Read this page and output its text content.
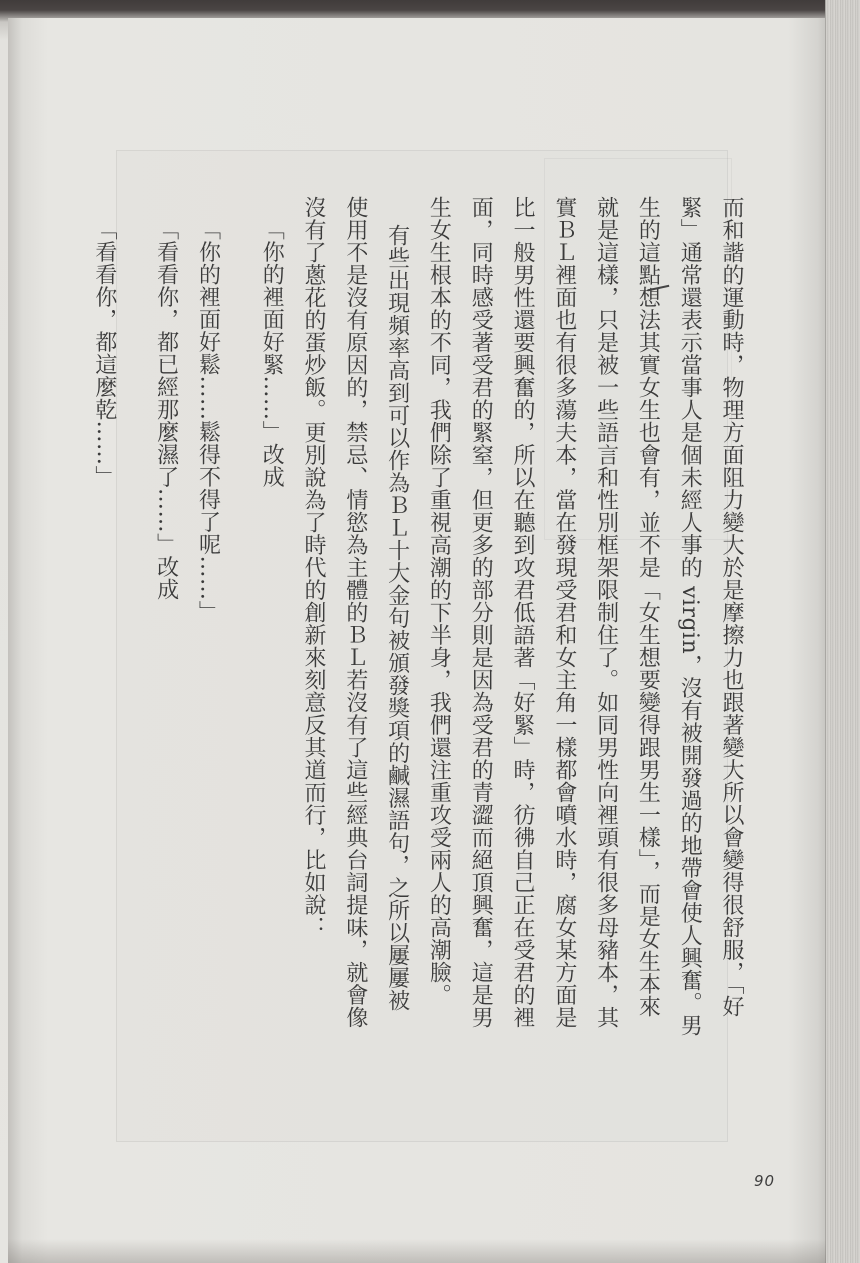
而和諧的運動時，物理方面阻力變大於是摩擦力也跟著變大所以會變得很舒服，「好

緊」通常還表示當事人是個未經人事的 virgin，沒有被開發過的地帶會使人興奮。男

生的這點想法其實女生也會有，並不是「女生想要變得跟男生一樣」，而是女生本來

就是這樣，只是被一些語言和性別框架限制住了。如同男性向裡頭有很多母豬本，其

實ＢＬ裡面也有很多蕩夫本，當在發現受君和女主角一樣都會噴水時，腐女某方面是

比一般男性還要興奮的，所以在聽到攻君低語著「好緊」時，彷彿自己正在受君的裡

面，同時感受著受君的緊窒，但更多的部分則是因為受君的青澀而絕頂興奮，這是男

生女生根本的不同，我們除了重視高潮的下半身，我們還注重攻受兩人的高潮臉。

有些出現頻率高到可以作為ＢＬ十大金句被頒發獎項的鹹濕語句，之所以屢屢被

使用不是沒有原因的，禁忌、情慾為主體的ＢＬ若沒有了這些經典台詞提味，就會像

沒有了蔥花的蛋炒飯。更別說為了時代的創新來刻意反其道而行，比如說：

「你的裡面好緊……」改成

「你的裡面好鬆……鬆得不得了呢……」

「看看你，都已經那麼濕了……」改成

「看看你，都這麼乾……」

90
